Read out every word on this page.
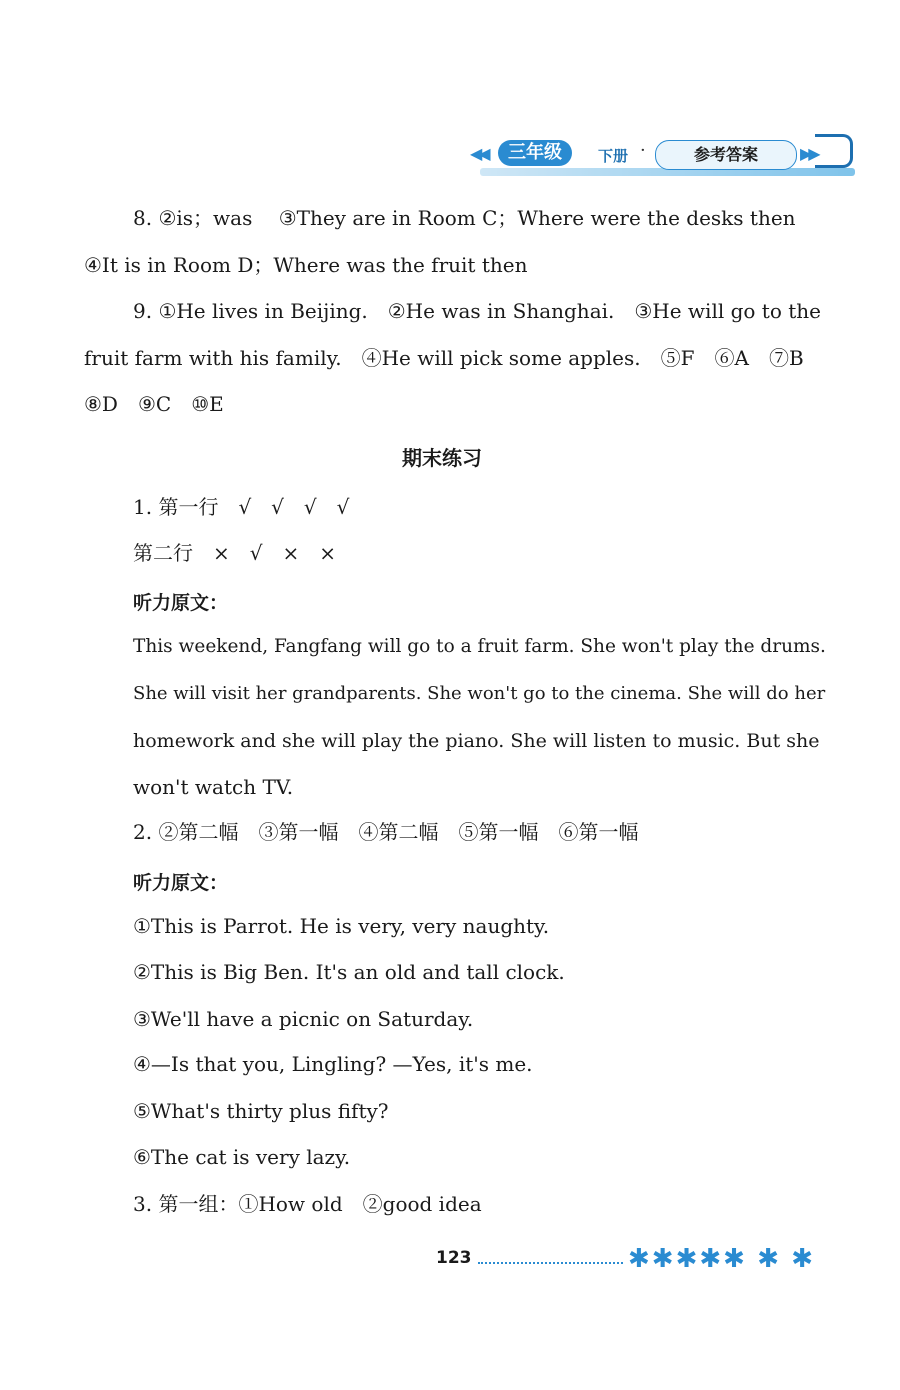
◀◀	三年级	下册 ·	参考答案	▶▶
8. ②is；was　 ③They are in Room C；Where were the desks then
④It is in Room D；Where was the fruit then
9. ①He lives in Beijing.　②He was in Shanghai.　③He will go to the
fruit farm with his family.　④He will pick some apples.　⑤F　⑥A　⑦B
⑧D　⑨C　⑩E
期末练习
1. 第一行　√　√　√　√
第二行　×　√　×　×
听力原文：
This weekend, Fangfang will go to a fruit farm. She won't play the drums.
She will visit her grandparents. She won't go to the cinema. She will do her
homework and she will play the piano. She will listen to music. But she
won't watch TV.
2. ②第二幅　③第一幅　④第二幅　⑤第一幅　⑥第一幅
听力原文：
①This is Parrot. He is very, very naughty.
②This is Big Ben. It's an old and tall clock.
③We'll have a picnic on Saturday.
④—Is that you, Lingling? —Yes, it's me.
⑤What's thirty plus fifty?
⑥The cat is very lazy.
3. 第一组：①How old　②good idea
123	✱✱✱✱✱ ✱ ✱
